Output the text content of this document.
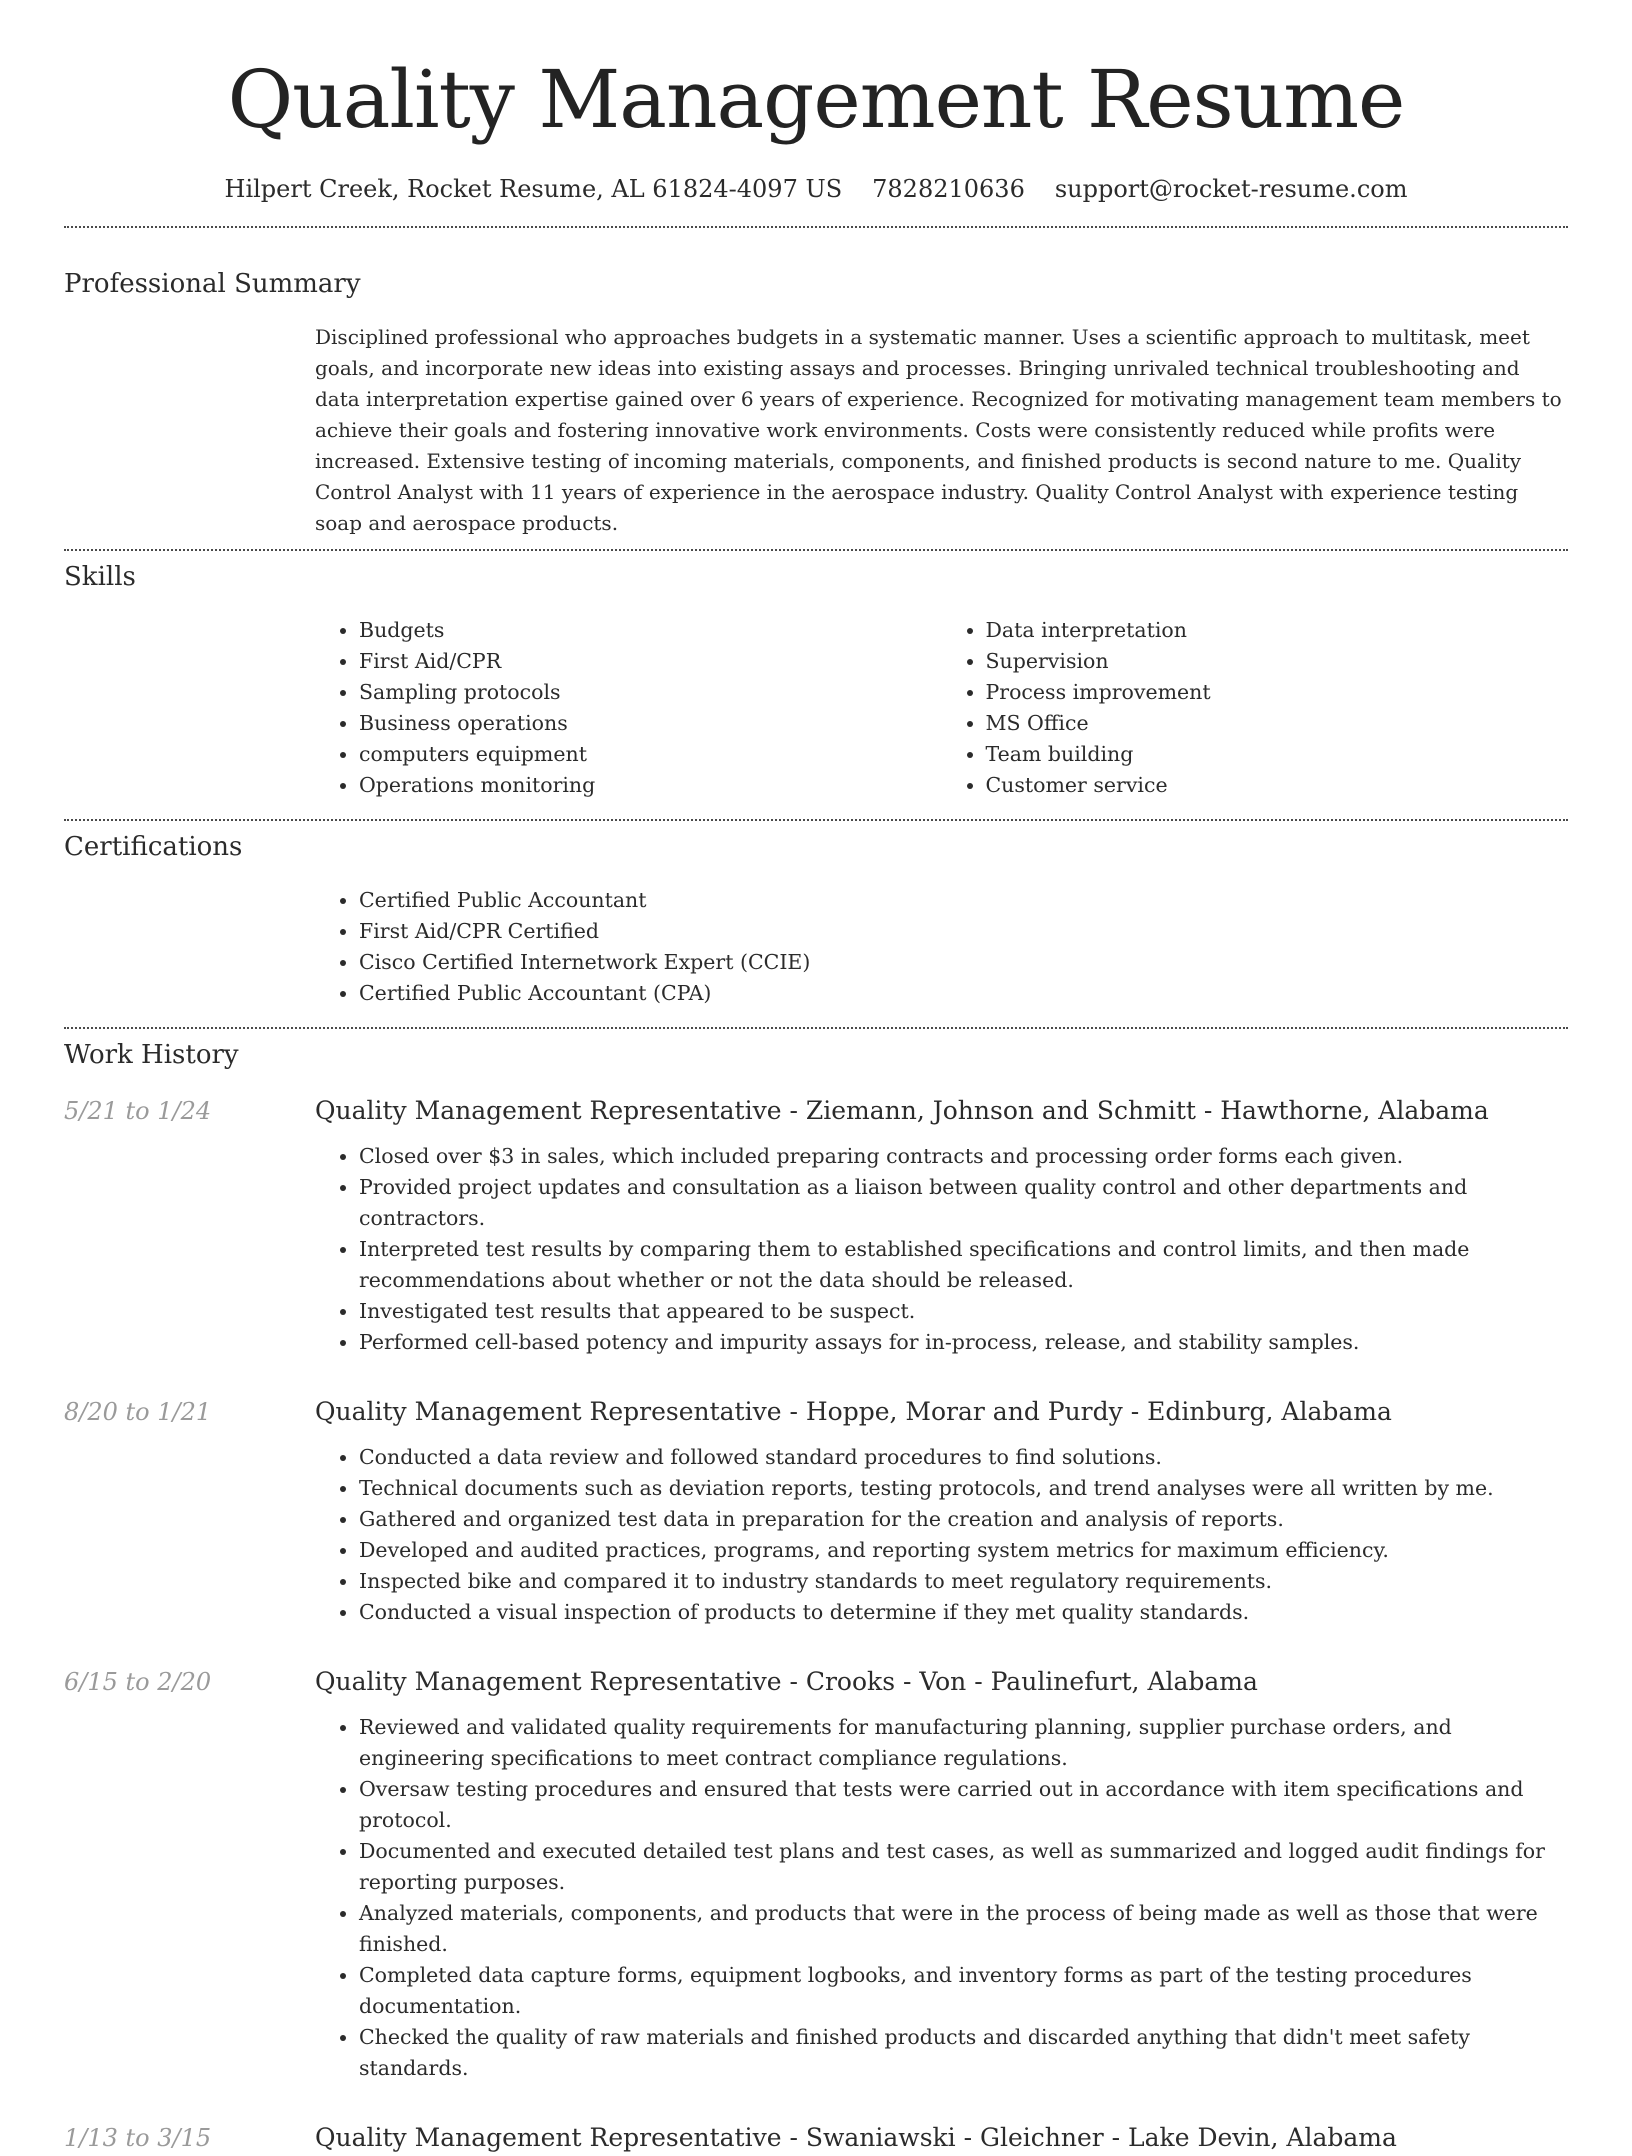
Quality Management Resume
Hilpert Creek, Rocket Resume, AL 61824-4097 US 7828210636 support@rocket-resume.com
Professional Summary

Disciplined professional who approaches budgets in a systematic manner. Uses a scientific approach to multitask, meet goals, and incorporate new ideas into existing assays and processes. Bringing unrivaled technical troubleshooting and data interpretation expertise gained over 6 years of experience. Recognized for motivating management team members to achieve their goals and fostering innovative work environments. Costs were consistently reduced while profits were increased. Extensive testing of incoming materials, components, and finished products is second nature to me. Quality Control Analyst with 11 years of experience in the aerospace industry. Quality Control Analyst with experience testing soap and aerospace products.

Skills
• Budgets
• First Aid/CPR
• Sampling protocols
• Business operations
• computers equipment
• Operations monitoring
• Data interpretation
• Supervision
• Process improvement
• MS Office
• Team building
• Customer service
Certifications
• Certified Public Accountant
• First Aid/CPR Certified
• Cisco Certified Internetwork Expert (CCIE)
• Certified Public Accountant (CPA)
Work History
5/21 to 1/24	Quality Management Representative - Ziemann, Johnson and Schmitt - Hawthorne, Alabama
• Closed over $3 in sales, which included preparing contracts and processing order forms each given.
• Provided project updates and consultation as a liaison between quality control and other departments and contractors.
• Interpreted test results by comparing them to established specifications and control limits, and then made recommendations about whether or not the data should be released.
• Investigated test results that appeared to be suspect.
• Performed cell-based potency and impurity assays for in-process, release, and stability samples.
8/20 to 1/21	Quality Management Representative - Hoppe, Morar and Purdy - Edinburg, Alabama
• Conducted a data review and followed standard procedures to find solutions.
• Technical documents such as deviation reports, testing protocols, and trend analyses were all written by me.
• Gathered and organized test data in preparation for the creation and analysis of reports.
• Developed and audited practices, programs, and reporting system metrics for maximum efficiency.
• Inspected bike and compared it to industry standards to meet regulatory requirements.
• Conducted a visual inspection of products to determine if they met quality standards.
6/15 to 2/20	Quality Management Representative - Crooks - Von - Paulinefurt, Alabama
• Reviewed and validated quality requirements for manufacturing planning, supplier purchase orders, and engineering specifications to meet contract compliance regulations.
• Oversaw testing procedures and ensured that tests were carried out in accordance with item specifications and protocol.
• Documented and executed detailed test plans and test cases, as well as summarized and logged audit findings for reporting purposes.
• Analyzed materials, components, and products that were in the process of being made as well as those that were finished.
• Completed data capture forms, equipment logbooks, and inventory forms as part of the testing procedures documentation.
• Checked the quality of raw materials and finished products and discarded anything that didn't meet safety standards.
1/13 to 3/15	Quality Management Representative - Swaniawski - Gleichner - Lake Devin, Alabama
